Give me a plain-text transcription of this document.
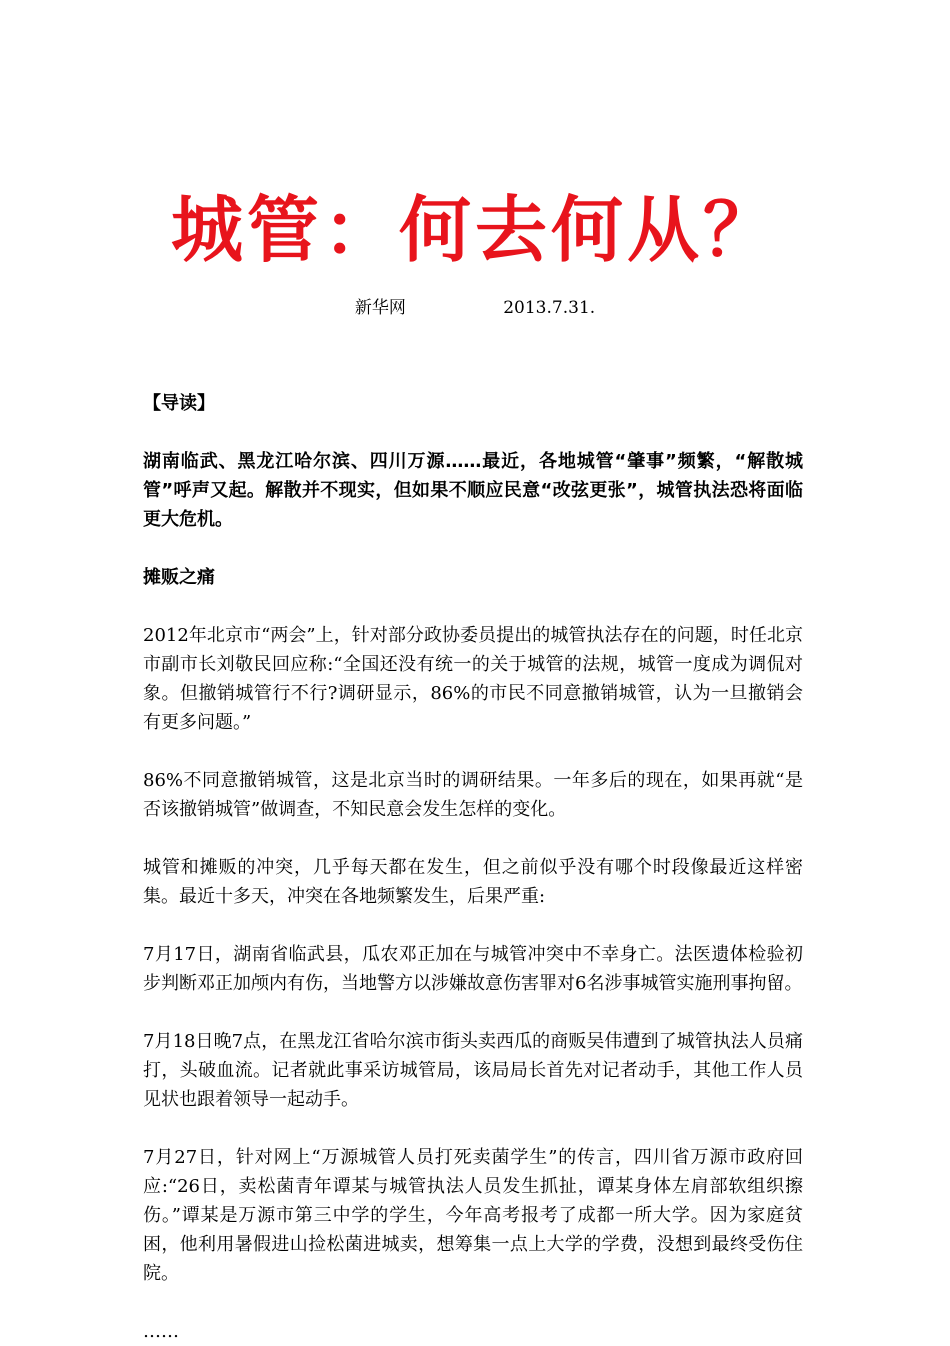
城管：何去何从？
新华网	2013.7.31.

【导读】

湖南临武、黑龙江哈尔滨、四川万源……最近，各地城管“肇事”频繁，“解散城管”呼声又起。解散并不现实，但如果不顺应民意“改弦更张”，城管执法恐将面临更大危机。

摊贩之痛

2012年北京市“两会”上，针对部分政协委员提出的城管执法存在的问题，时任北京市副市长刘敬民回应称:“全国还没有统一的关于城管的法规，城管一度成为调侃对象。但撤销城管行不行?调研显示，86%的市民不同意撤销城管，认为一旦撤销会有更多问题。”

86%不同意撤销城管，这是北京当时的调研结果。一年多后的现在，如果再就“是否该撤销城管”做调查，不知民意会发生怎样的变化。

城管和摊贩的冲突，几乎每天都在发生，但之前似乎没有哪个时段像最近这样密集。最近十多天，冲突在各地频繁发生，后果严重:

7月17日，湖南省临武县，瓜农邓正加在与城管冲突中不幸身亡。法医遗体检验初步判断邓正加颅内有伤，当地警方以涉嫌故意伤害罪对6名涉事城管实施刑事拘留。

7月18日晚7点，在黑龙江省哈尔滨市街头卖西瓜的商贩吴伟遭到了城管执法人员痛打，头破血流。记者就此事采访城管局，该局局长首先对记者动手，其他工作人员见状也跟着领导一起动手。

7月27日，针对网上“万源城管人员打死卖菌学生”的传言，四川省万源市政府回应:“26日，卖松菌青年谭某与城管执法人员发生抓扯，谭某身体左肩部软组织擦伤。”谭某是万源市第三中学的学生，今年高考报考了成都一所大学。因为家庭贫困，他利用暑假进山捡松菌进城卖，想筹集一点上大学的学费，没想到最终受伤住院。

……
